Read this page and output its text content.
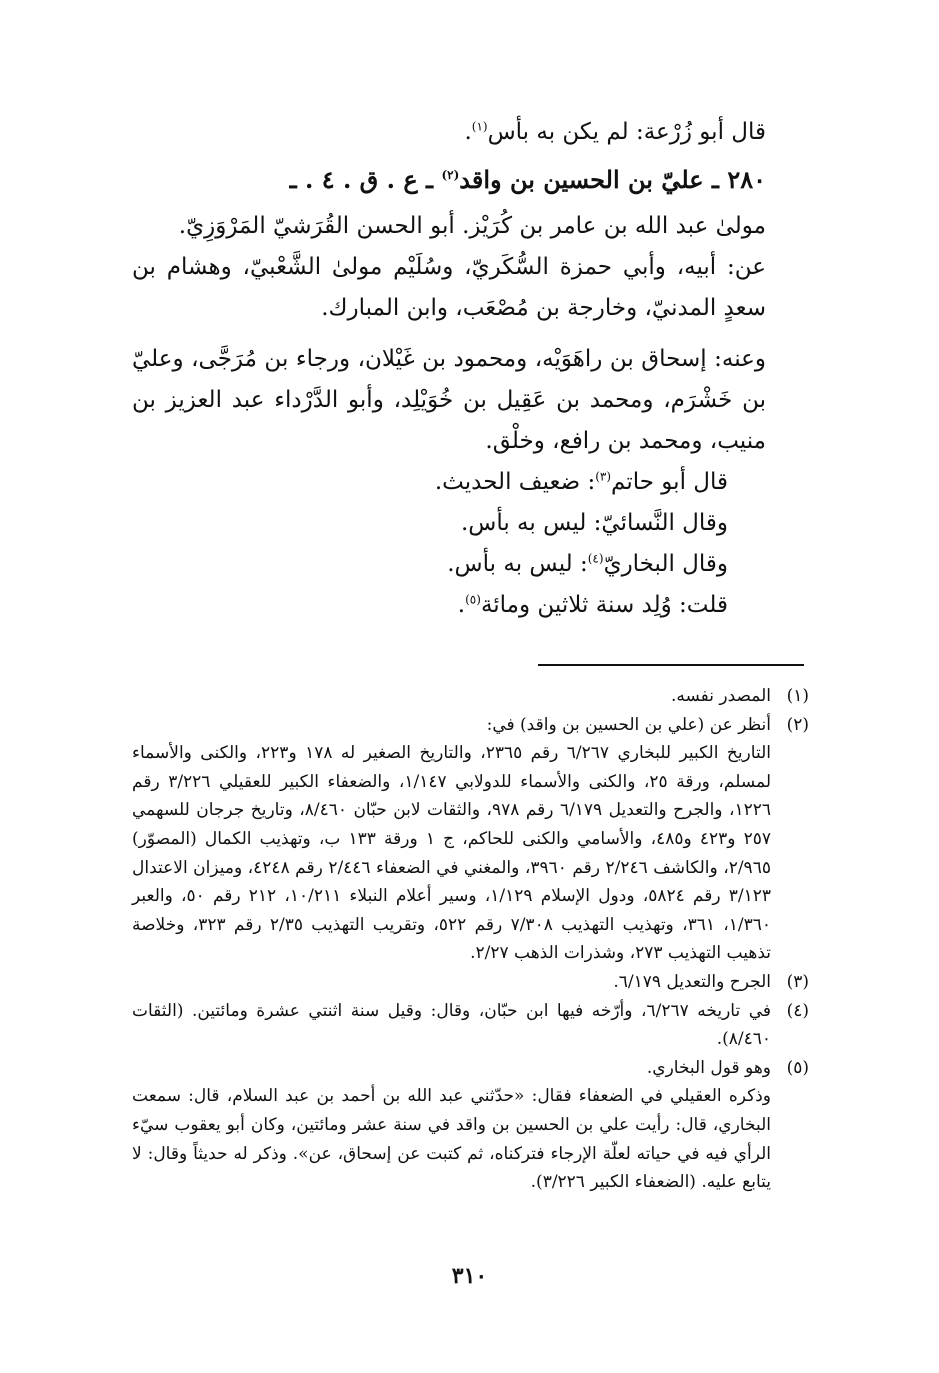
قال أبو زُرْعة: لم يكن به بأس$^{(١)}$.

٢٨٠ ـ عليّ بن الحسين بن واقد$^{(٢)}$ ـ ع . ق . ٤ . ـ

مولىٰ عبد الله بن عامر بن كُرَيْز. أبو الحسن القُرَشيّ المَرْوَزِيّ.

عن: أبيه، وأبي حمزة السُّكَريّ، وسُلَيْم مولىٰ الشَّعْبيّ، وهشام بن سعدٍ المدنيّ، وخارجة بن مُصْعَب، وابن المبارك.

وعنه: إسحاق بن راهَوَيْه، ومحمود بن غَيْلان، ورجاء بن مُرَجَّى، وعليّ بن خَشْرَم، ومحمد بن عَقِيل بن خُوَيْلِد، وأبو الدَّرْداء عبد العزيز بن منيب، ومحمد بن رافع، وخلْق.

قال أبو حاتم$^{(٣)}$: ضعيف الحديث.

وقال النَّسائيّ: ليس به بأس.

وقال البخاريّ$^{(٤)}$: ليس به بأس.

قلت: وُلِد سنة ثلاثين ومائة$^{(٥)}$.

(١)
المصدر نفسه.

(٢)
أنظر عن (علي بن الحسين بن واقد) في:

التاريخ الكبير للبخاري ٦/٢٦٧ رقم ٢٣٦٥، والتاريخ الصغير له ١٧٨ و٢٢٣، والكنى والأسماء لمسلم، ورقة ٢٥، والكنى والأسماء للدولابي ١/١٤٧، والضعفاء الكبير للعقيلي ٣/٢٢٦ رقم ١٢٢٦، والجرح والتعديل ٦/١٧٩ رقم ٩٧٨، والثقات لابن حبّان ٨/٤٦٠، وتاريخ جرجان للسهمي ٢٥٧ و٤٢٣ و٤٨٥، والأسامي والكنى للحاكم، ج ١ ورقة ١٣٣ ب، وتهذيب الكمال (المصوّر) ٢/٩٦٥، والكاشف ٢/٢٤٦ رقم ٣٩٦٠، والمغني في الضعفاء ٢/٤٤٦ رقم ٤٢٤٨، وميزان الاعتدال ٣/١٢٣ رقم ٥٨٢٤، ودول الإسلام ١/١٢٩، وسير أعلام النبلاء ١٠/٢١١، ٢١٢ رقم ٥٠، والعبر ١/٣٦٠، ٣٦١، وتهذيب التهذيب ٧/٣٠٨ رقم ٥٢٢، وتقريب التهذيب ٢/٣٥ رقم ٣٢٣، وخلاصة تذهيب التهذيب ٢٧٣، وشذرات الذهب ٢/٢٧.

(٣)
الجرح والتعديل ٦/١٧٩.

(٤)
في تاريخه ٦/٢٦٧، وأرّخه فيها ابن حبّان، وقال: وقيل سنة اثنتي عشرة ومائتين. (الثقات ٨/٤٦٠).

(٥)
وهو قول البخاري.

وذكره العقيلي في الضعفاء فقال: «حدّثني عبد الله بن أحمد بن عبد السلام، قال: سمعت البخاري، قال: رأيت علي بن الحسين بن واقد في سنة عشر ومائتين، وكان أبو يعقوب سيّء الرأي فيه في حياته لعلّة الإرجاء فتركناه، ثم كتبت عن إسحاق، عن». وذكر له حديثاً وقال: لا يتابع عليه. (الضعفاء الكبير ٣/٢٢٦).

٣١٠
